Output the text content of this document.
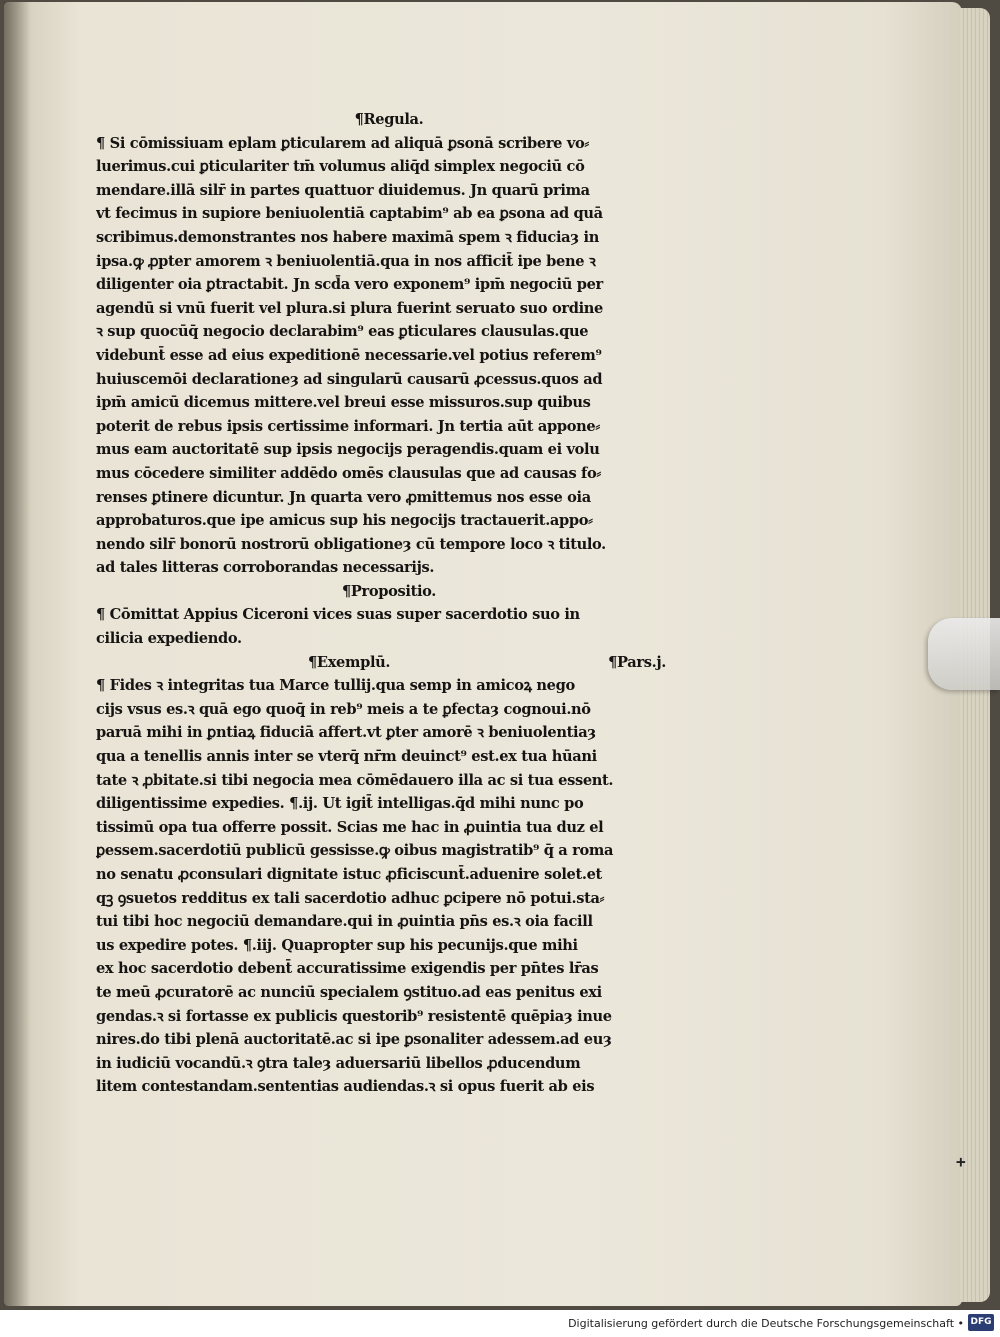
+
¶Regula.
¶ Si cōmissiuam eplam ꝑticularem ad aliquā ꝑsonā scribere vo⸗
luerimus.cui ꝑticulariter tm̄ volumus aliq̄d simplex negociū cō
mendare.illā silr̄ in partes quattuor diuidemus. Jn quarū prima
vt fecimus in supiore beniuolentiā captabim⁹ ab ea ꝑsona ad quā
scribimus.demonstrantes nos habere maximā spem ꝛ fiduciaȝ in
ipsa.ꝙ ꝓpter amorem ꝛ beniuolentiā.qua in nos afficit̄ ipe bene ꝛ
diligenter oia ꝑtractabit. Jn scd̄a vero exponem⁹ ipm̄ negociū per
agendū si vnū fuerit vel plura.si plura fuerint seruato suo ordine
ꝛ sup quocūq̄ negocio declarabim⁹ eas ꝑticulares clausulas.que
videbunt̄ esse ad eius expeditionē necessarie.vel potius referem⁹
huiuscemōi declarationeȝ ad singularū causarū ꝓcessus.quos ad
ipm̄ amicū dicemus mittere.vel breui esse missuros.sup quibus
poterit de rebus ipsis certissime informari. Jn tertia aūt appone⸗
mus eam auctoritatē sup ipsis negocijs peragendis.quam ei volu
mus cōcedere similiter addēdo omēs clausulas que ad causas fo⸗
renses ꝑtinere dicuntur. Jn quarta vero ꝓmittemus nos esse oia
approbaturos.que ipe amicus sup his negocijs tractauerit.appo⸗
nendo silr̄ bonorū nostrorū obligationeȝ cū tempore loco ꝛ titulo.
ad tales litteras corroborandas necessarijs.
¶Propositio.
¶ Cōmittat Appius Ciceroni vices suas super sacerdotio suo in
cilicia expediendo.
¶Exemplū.	¶Pars.j.
¶ Fides ꝛ integritas tua Marce tullij.qua semp in amicoꝝ nego
cijs vsus es.ꝛ quā ego quoq̄ in reb⁹ meis a te ꝑfectaȝ cognoui.nō
paruā mihi in ꝑntiaꝝ fiduciā affert.vt ꝑter amorē ꝛ beniuolentiaȝ
qua a tenellis annis inter se vterq̄ nr̄m deuinct⁹ est.ex tua hūani
tate ꝛ ꝓbitate.si tibi negocia mea cōmēdauero illa ac si tua essent.
diligentissime expedies. ¶.ij. Ut igit̄ intelligas.q̄d mihi nunc po
tissimū opa tua offerre possit. Scias me hac in ꝓuintia tua duz el
ꝑessem.sacerdotiū publicū gessisse.ꝙ oibus magistratib⁹ q̄ a roma
no senatu ꝓconsulari dignitate istuc ꝓficiscunt̄.aduenire solet.et
qꝫ ꝯsuetos redditus ex tali sacerdotio adhuc ꝑcipere nō potui.sta⸗
tui tibi hoc negociū demandare.qui in ꝓuintia pn̄s es.ꝛ oia facill
us expedire potes. ¶.iij. Quapropter sup his pecunijs.que mihi
ex hoc sacerdotio debent̄ accuratissime exigendis per pn̄tes lr̄as
te meū ꝓcuratorē ac nunciū specialem ꝯstituo.ad eas penitus exi
gendas.ꝛ si fortasse ex publicis questorib⁹ resistentē quēpiaȝ inue
nires.do tibi plenā auctoritatē.ac si ipe ꝑsonaliter adessem.ad euȝ
in iudiciū vocandū.ꝛ ꝯtra taleȝ aduersariū libellos ꝓducendum
litem contestandam.sententias audiendas.ꝛ si opus fuerit ab eis
Digitalisierung gefördert durch die Deutsche Forschungsgemeinschaft • DFG
